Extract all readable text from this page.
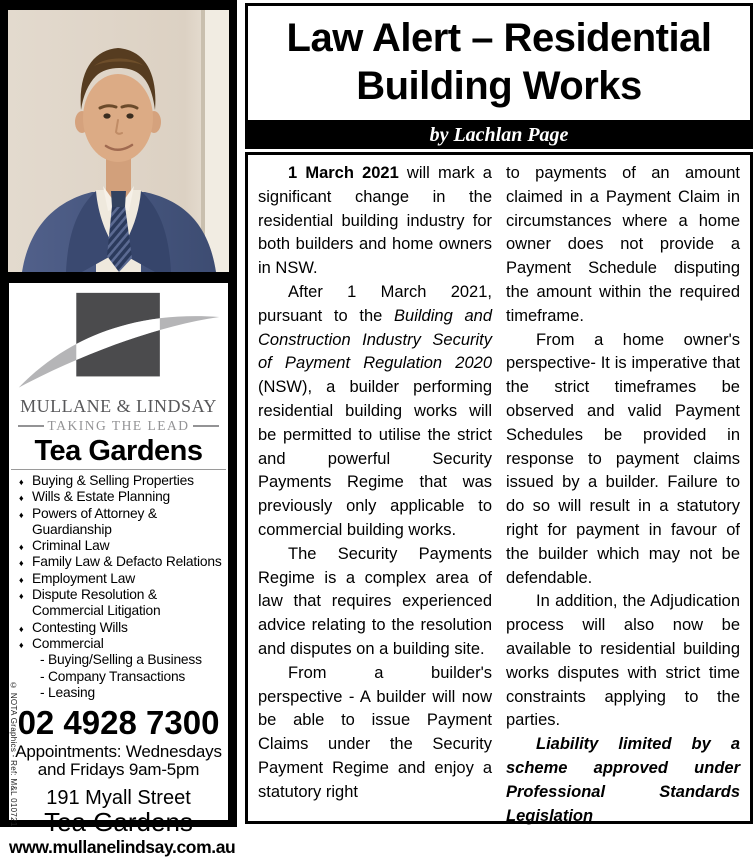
© NOTA Graphics - Ref: M&L 010721
MULLANE & LINDSAY
TAKING THE LEAD
Tea Gardens
♦ Buying & Selling Properties
♦ Wills & Estate Planning
♦ Powers of Attorney & Guardianship
♦ Criminal Law
♦ Family Law & Defacto Relations
♦ Employment Law
♦ Dispute Resolution & Commercial Litigation
♦ Contesting Wills
♦ Commercial
- Buying/Selling a Business
- Company Transactions
- Leasing
02 4928 7300
Appointments: Wednesdays
and Fridays 9am-5pm
191 Myall Street
Tea Gardens
www.mullanelindsay.com.au
Law Alert – Residential
Building Works
by Lachlan Page

1 March 2021 will mark a significant change in the residential building industry for both builders and home owners in NSW.

After 1 March 2021, pursuant to the Building and Construction Industry Security of Payment Regulation 2020 (NSW), a builder performing residential building works will be permitted to utilise the strict and powerful Security Payments Regime that was previously only applicable to commercial building works.

The Security Payments Regime is a complex area of law that requires experienced advice relating to the resolution and disputes on a building site.

From a builder's perspective - A builder will now be able to issue Payment Claims under the Security Payment Regime and enjoy a statutory right

to payments of an amount claimed in a Payment Claim in circumstances where a home owner does not provide a Payment Schedule disputing the amount within the required timeframe.

From a home owner's perspective- It is imperative that the strict timeframes be observed and valid Payment Schedules be provided in response to payment claims issued by a builder. Failure to do so will result in a statutory right for payment in favour of the builder which may not be defendable.

In addition, the Adjudication process will also now be available to residential building works disputes with strict time constraints applying to the parties.

Liability limited by a scheme approved under Professional Standards Legislation
